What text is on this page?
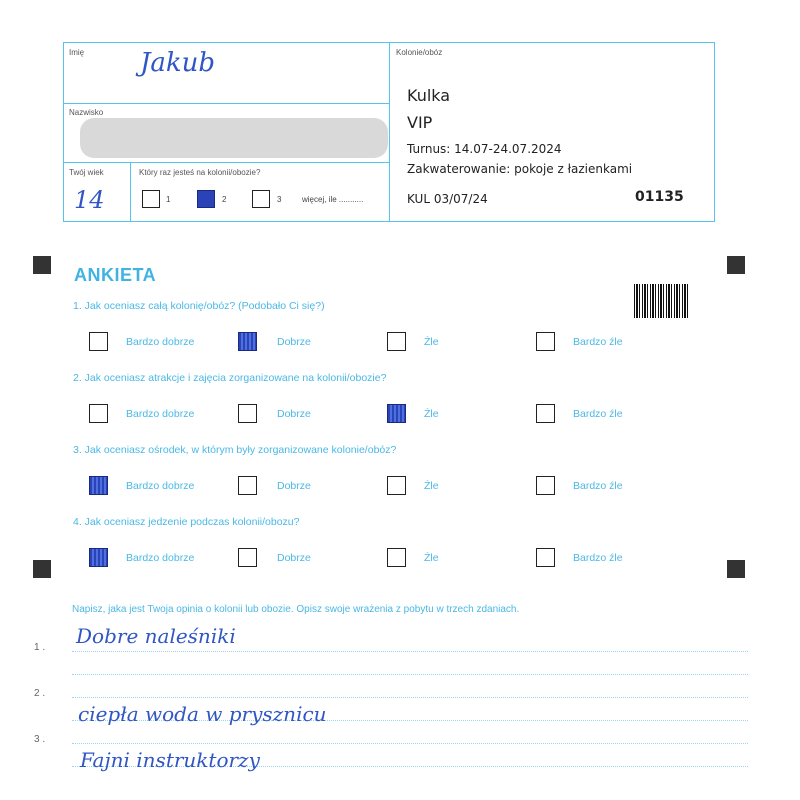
Imię Jakub
Nazwisko
Twój wiek
14
Który raz jesteś na kolonii/obozie?
1	2	3	więcej, ile ...........
Kolonie/obóz
Kulka
VIP
Turnus: 14.07-24.07.2024
Zakwaterowanie: pokoje z łazienkami
KUL 03/07/24	01135
ANKIETA
1. Jak oceniasz całą kolonię/obóz? (Podobało Ci się?)
Bardzo dobrze	Dobrze	Źle	Bardzo źle
2. Jak oceniasz atrakcje i zajęcia zorganizowane na kolonii/obozie?
Bardzo dobrze	Dobrze	Źle	Bardzo źle
3. Jak oceniasz ośrodek, w którym były zorganizowane kolonie/obóz?
Bardzo dobrze	Dobrze	Źle	Bardzo źle
4. Jak oceniasz jedzenie podczas kolonii/obozu?
Bardzo dobrze	Dobrze	Źle	Bardzo źle
Napisz, jaka jest Twoja opinia o kolonii lub obozie. Opisz swoje wrażenia z pobytu w trzech zdaniach.
1 .
2 .
3 .
Dobre naleśniki
ciepła woda w prysznicu
Fajni instruktorzy
